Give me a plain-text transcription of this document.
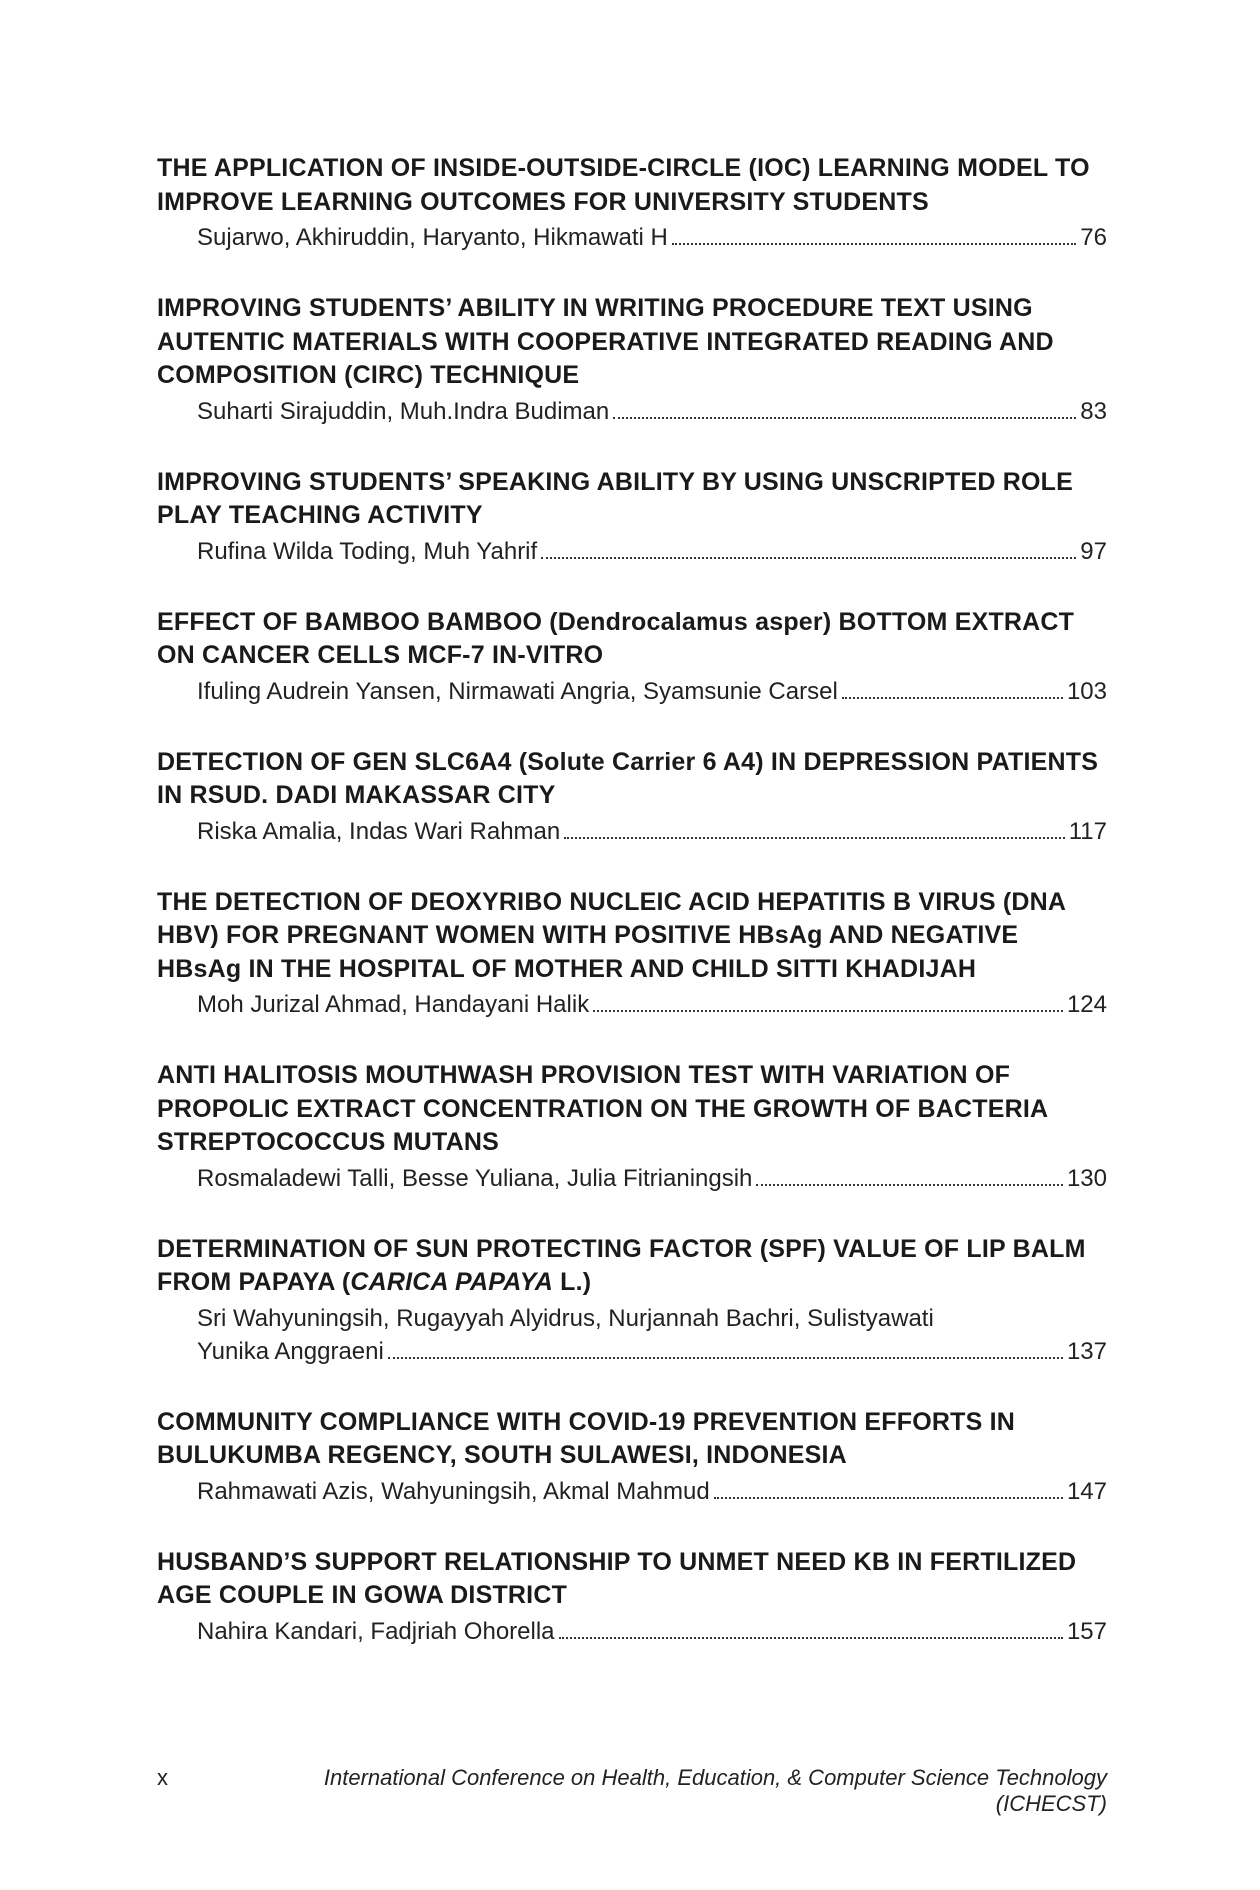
THE APPLICATION OF INSIDE-OUTSIDE-CIRCLE (IOC) LEARNING MODEL TO IMPROVE LEARNING OUTCOMES FOR UNIVERSITY STUDENTS

Sujarwo, Akhiruddin, Haryanto, Hikmawati H	76

IMPROVING STUDENTS’ ABILITY IN WRITING PROCEDURE TEXT USING AUTENTIC MATERIALS WITH COOPERATIVE INTEGRATED READING AND COMPOSITION (CIRC) TECHNIQUE

Suharti Sirajuddin, Muh.Indra Budiman	83

IMPROVING STUDENTS’ SPEAKING ABILITY BY USING UNSCRIPTED ROLE PLAY TEACHING ACTIVITY

Rufina Wilda Toding, Muh Yahrif	97

EFFECT OF BAMBOO BAMBOO (Dendrocalamus asper) BOTTOM EXTRACT ON CANCER CELLS MCF-7 IN-VITRO

Ifuling Audrein Yansen, Nirmawati Angria, Syamsunie Carsel	103

DETECTION OF GEN SLC6A4 (Solute Carrier 6 A4) IN DEPRESSION PATIENTS IN RSUD. DADI MAKASSAR CITY

Riska Amalia, Indas Wari Rahman	117

THE DETECTION OF DEOXYRIBO NUCLEIC ACID HEPATITIS B VIRUS (DNA HBV) FOR PREGNANT WOMEN WITH POSITIVE HBsAg AND NEGATIVE HBsAg IN THE HOSPITAL OF MOTHER AND CHILD SITTI KHADIJAH

Moh Jurizal Ahmad, Handayani Halik	124

ANTI HALITOSIS MOUTHWASH PROVISION TEST WITH VARIATION OF PROPOLIC EXTRACT CONCENTRATION ON THE GROWTH OF BACTERIA STREPTOCOCCUS MUTANS

Rosmaladewi Talli, Besse Yuliana, Julia Fitrianingsih	130

DETERMINATION OF SUN PROTECTING FACTOR (SPF) VALUE OF LIP BALM FROM PAPAYA (CARICA PAPAYA L.)

Sri Wahyuningsih, Rugayyah Alyidrus, Nurjannah Bachri, Sulistyawati
Yunika Anggraeni	137

COMMUNITY COMPLIANCE WITH COVID-19 PREVENTION EFFORTS IN BULUKUMBA REGENCY, SOUTH SULAWESI, INDONESIA

Rahmawati Azis, Wahyuningsih, Akmal Mahmud	147

HUSBAND’S SUPPORT RELATIONSHIP TO UNMET NEED KB IN FERTILIZED AGE COUPLE IN GOWA DISTRICT

Nahira Kandari, Fadjriah Ohorella	157
x	International Conference on Health, Education, & Computer Science Technology (ICHECST)
